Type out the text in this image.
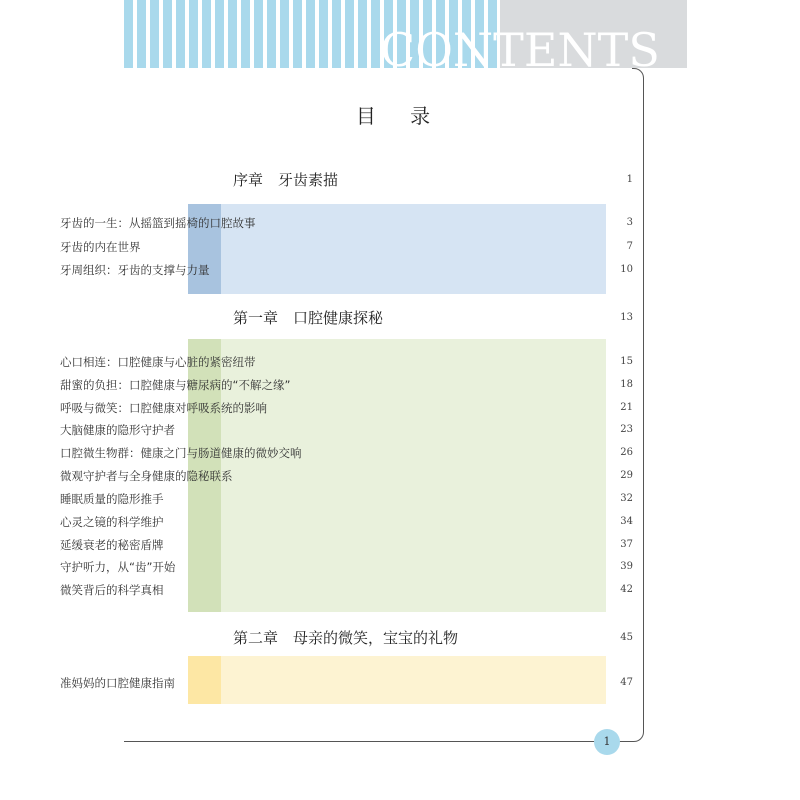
CONTENTS
目 录
序章　牙齿素描	1
牙齿的一生：从摇篮到摇椅的口腔故事	3
牙齿的内在世界	7
牙周组织：牙齿的支撑与力量	10
第一章　口腔健康探秘	13
心口相连：口腔健康与心脏的紧密纽带	15
甜蜜的负担：口腔健康与糖尿病的“不解之缘”	18
呼吸与微笑：口腔健康对呼吸系统的影响	21
大脑健康的隐形守护者	23
口腔微生物群：健康之门与肠道健康的微妙交响	26
微观守护者与全身健康的隐秘联系	29
睡眠质量的隐形推手	32
心灵之镜的科学维护	34
延缓衰老的秘密盾牌	37
守护听力，从“齿”开始	39
微笑背后的科学真相	42
第二章　母亲的微笑，宝宝的礼物	45
准妈妈的口腔健康指南	47
1
